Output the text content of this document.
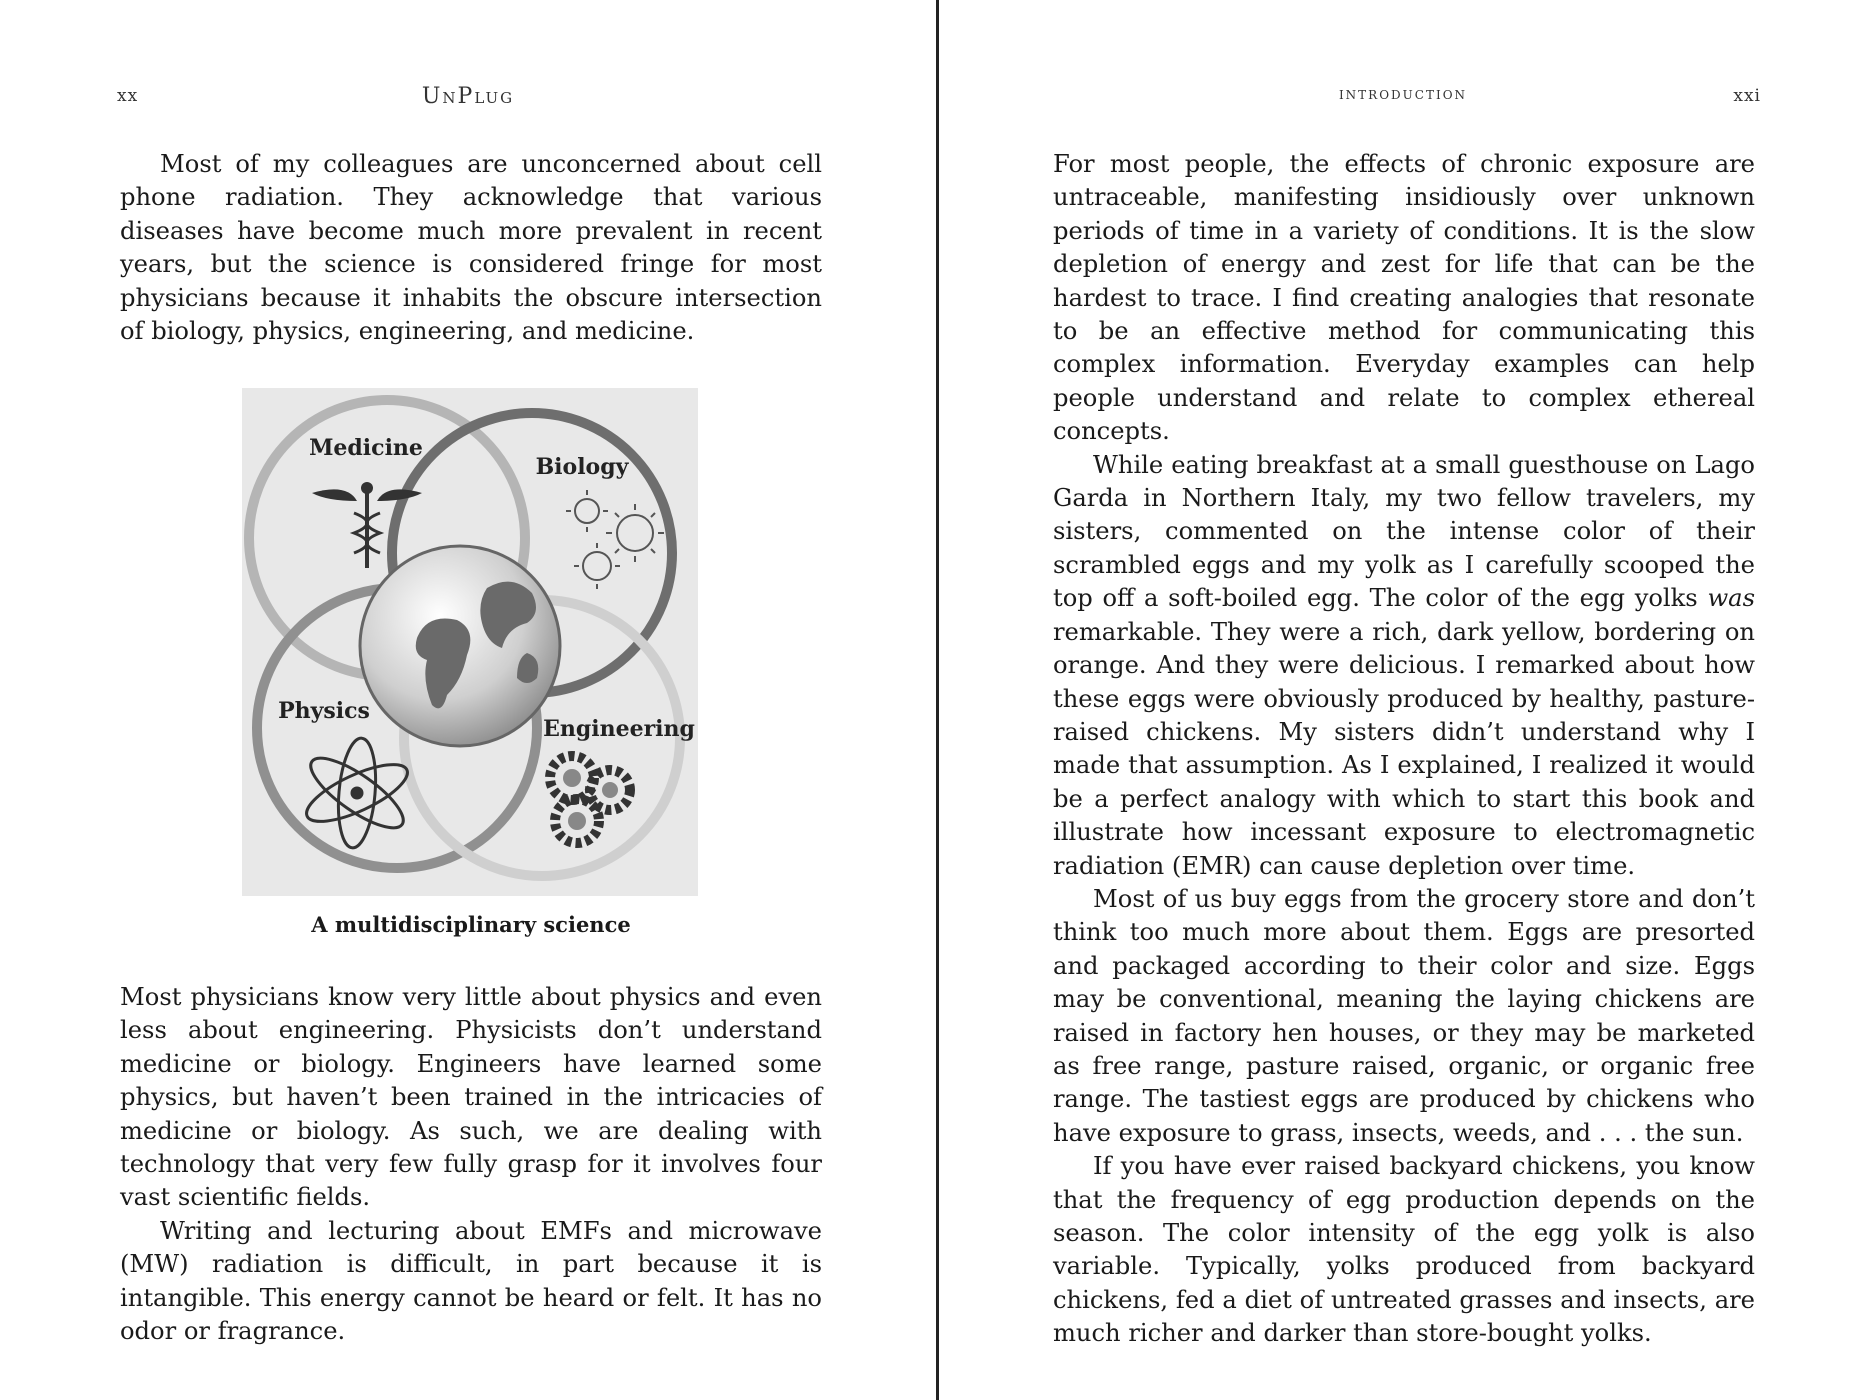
xx	UnPlug

Most of my colleagues are unconcerned about cell phone radiation. They acknowledge that various diseases have become much more prevalent in recent years, but the science is considered fringe for most physicians because it inhabits the obscure intersection of biology, physics, engineering, and medicine.

Medicine
Biology
Physics
Engineering
A multidisciplinary science

Most physicians know very little about physics and even less about engineering. Physicists don’t understand medicine or biology. Engineers have learned some physics, but haven’t been trained in the intricacies of medicine or biology. As such, we are dealing with technology that very few fully grasp for it involves four vast scientific fields.

Writing and lecturing about EMFs and microwave (MW) radiation is difficult, in part because it is intangible. This energy cannot be heard or felt. It has no odor or fragrance.

introduction	xxi

For most people, the effects of chronic exposure are untraceable, manifesting insidiously over unknown periods of time in a variety of conditions. It is the slow depletion of energy and zest for life that can be the hardest to trace. I find creating analogies that resonate to be an effective method for communicating this complex information. Everyday examples can help people understand and relate to complex ethereal concepts.

While eating breakfast at a small guesthouse on Lago Garda in Northern Italy, my two fellow travelers, my sisters, commented on the intense color of their scrambled eggs and my yolk as I carefully scooped the top off a soft-boiled egg. The color of the egg yolks was remarkable. They were a rich, dark yellow, bordering on orange. And they were delicious. I remarked about how these eggs were obviously produced by healthy, pasture-raised chickens. My sisters didn’t understand why I made that assumption. As I explained, I realized it would be a perfect analogy with which to start this book and illustrate how incessant exposure to electromagnetic radiation (EMR) can cause depletion over time.

Most of us buy eggs from the grocery store and don’t think too much more about them. Eggs are presorted and packaged according to their color and size. Eggs may be conventional, meaning the laying chickens are raised in factory hen houses, or they may be marketed as free range, pasture raised, organic, or organic free range. The tastiest eggs are produced by chickens who have exposure to grass, insects, weeds, and . . . the sun.

If you have ever raised backyard chickens, you know that the frequency of egg production depends on the season. The color intensity of the egg yolk is also variable. Typically, yolks produced from backyard chickens, fed a diet of untreated grasses and insects, are much richer and darker than store-bought yolks.
